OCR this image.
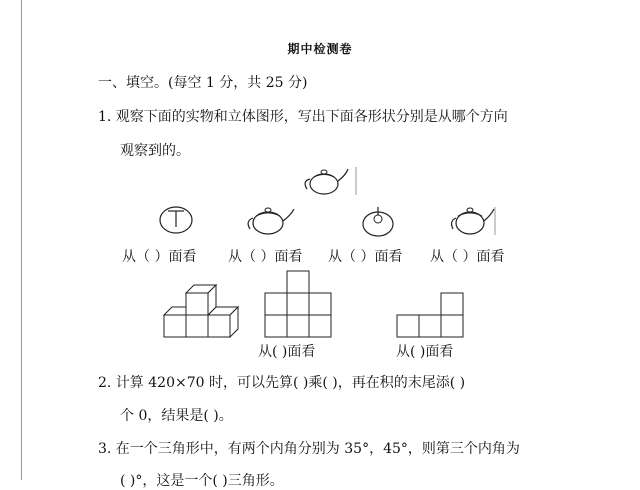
期中检测卷
一、填空。(每空 1 分，共 25 分)
1. 观察下面的实物和立体图形，写出下面各形状分别是从哪个方向
观察到的。
从（ ）面看 从（ ）面看 从（ ）面看 从（ ）面看
从( )面看	从( )面看
2. 计算 420×70 时，可以先算( )乘( )，再在积的末尾添( )
个 0，结果是( )。
3. 在一个三角形中，有两个内角分别为 35°，45°，则第三个内角为
( )°，这是一个( )三角形。
